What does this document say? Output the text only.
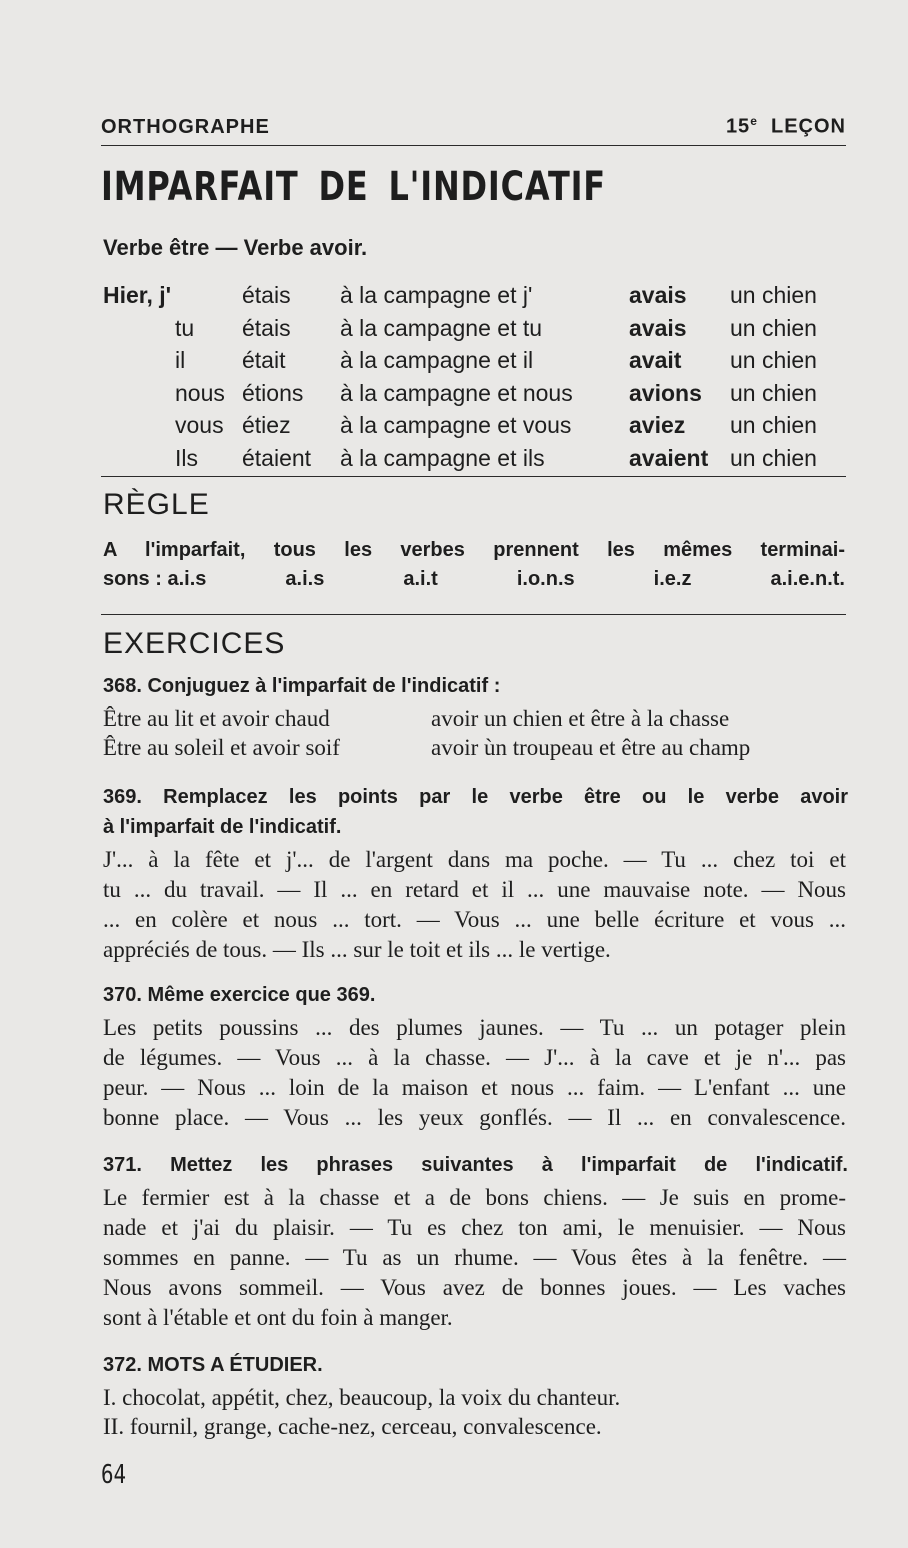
ORTHOGRAPHE	15e LEÇON
IMPARFAIT DE L'INDICATIF
Verbe être — Verbe avoir.
Hier, j'		étais	à la campagne et j'	avais	un chien
	tu	étais	à la campagne et tu	avais	un chien
	il	était	à la campagne et il	avait	un chien
	nous	étions	à la campagne et nous	avions	un chien
	vous	étiez	à la campagne et vous	aviez	un chien
	Ils	étaient	à la campagne et ils	avaient	un chien
RÈGLE
A l'imparfait, tous les verbes prennent les mêmes terminai-
sons : a.i.s	a.i.s	a.i.t	i.o.n.s	i.e.z	a.i.e.n.t.
EXERCICES
368. Conjuguez à l'imparfait de l'indicatif :
Être au lit et avoir chaud	avoir un chien et être à la chasse
Être au soleil et avoir soif	avoir ùn troupeau et être au champ
369. Remplacez les points par le verbe être ou le verbe avoir
à l'imparfait de l'indicatif.
J'... à la fête et j'... de l'argent dans ma poche. — Tu ... chez toi et
tu ... du travail. — Il ... en retard et il ... une mauvaise note. — Nous
... en colère et nous ... tort. — Vous ... une belle écriture et vous ...
appréciés de tous. — Ils ... sur le toit et ils ... le vertige.
370. Même exercice que 369.
Les petits poussins ... des plumes jaunes. — Tu ... un potager plein
de légumes. — Vous ... à la chasse. — J'... à la cave et je n'... pas
peur. — Nous ... loin de la maison et nous ... faim. — L'enfant ... une
bonne place. — Vous ... les yeux gonflés. — Il ... en convalescence.
371. Mettez les phrases suivantes à l'imparfait de l'indicatif.
Le fermier est à la chasse et a de bons chiens. — Je suis en prome-
nade et j'ai du plaisir. — Tu es chez ton ami, le menuisier. — Nous
sommes en panne. — Tu as un rhume. — Vous êtes à la fenêtre. —
Nous avons sommeil. — Vous avez de bonnes joues. — Les vaches
sont à l'étable et ont du foin à manger.
372. MOTS A ÉTUDIER.
I. chocolat, appétit, chez, beaucoup, la voix du chanteur.
II. fournil, grange, cache-nez, cerceau, convalescence.
64
